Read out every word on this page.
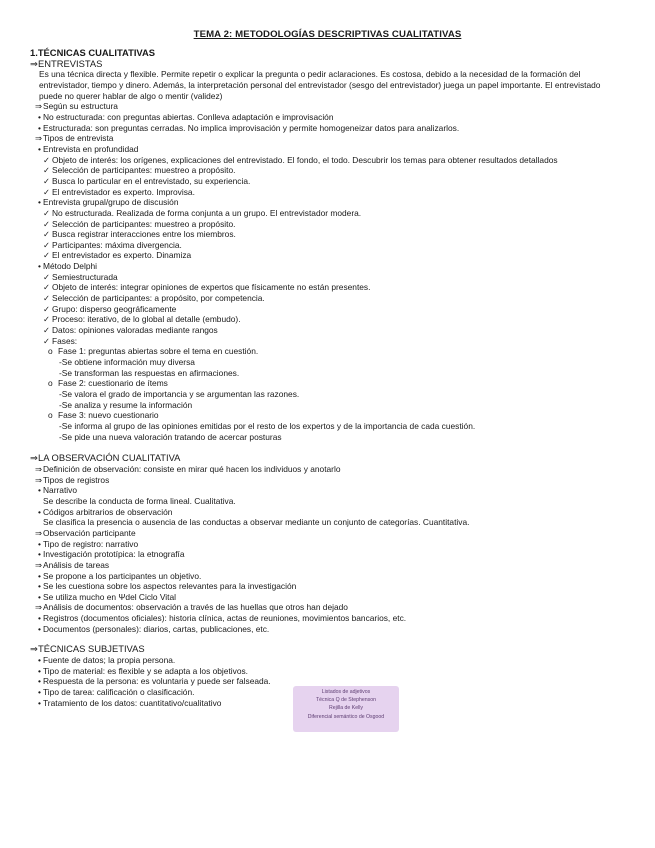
TEMA 2: METODOLOGÍAS DESCRIPTIVAS CUALITATIVAS
1.TÉCNICAS CUALITATIVAS
⇒ENTREVISTAS
Es una técnica directa y flexible. Permite repetir o explicar la pregunta o pedir aclaraciones. Es costosa, debido a la necesidad de la formación del
entrevistador, tiempo y dinero. Además, la interpretación personal del entrevistador (sesgo del entrevistador) juega un papel importante. El entrevistado
puede no querer hablar de algo o mentir (validez)
⇒Según su estructura
• No estructurada: con preguntas abiertas. Conlleva adaptación e improvisación
• Estructurada: son preguntas cerradas. No implica improvisación y permite homogeneizar datos para analizarlos.
⇒Tipos de entrevista
• Entrevista en profundidad
✓ Objeto de interés: los orígenes, explicaciones del entrevistado. El fondo, el todo. Descubrir los temas para obtener resultados detallados
✓ Selección de participantes: muestreo a propósito.
✓ Busca lo particular en el entrevistado, su experiencia.
✓ El entrevistador es experto. Improvisa.
• Entrevista grupal/grupo de discusión
✓ No estructurada. Realizada de forma conjunta a un grupo. El entrevistador modera.
✓ Selección de participantes: muestreo a propósito.
✓ Busca registrar interacciones entre los miembros.
✓ Participantes: máxima divergencia.
✓ El entrevistador es experto. Dinamiza
• Método Delphi
✓ Semiestructurada
✓ Objeto de interés: integrar opiniones de expertos que físicamente no están presentes.
✓ Selección de participantes: a propósito, por competencia.
✓ Grupo: disperso geográficamente
✓ Proceso: iterativo, de lo global al detalle (embudo).
✓ Datos: opiniones valoradas mediante rangos
✓ Fases:
o Fase 1: preguntas abiertas sobre el tema en cuestión.
-Se obtiene información muy diversa
-Se transforman las respuestas en afirmaciones.
o Fase 2: cuestionario de ítems
-Se valora el grado de importancia y se argumentan las razones.
-Se analiza y resume la información
o Fase 3: nuevo cuestionario
-Se informa al grupo de las opiniones emitidas por el resto de los expertos y de la importancia de cada cuestión.
-Se pide una nueva valoración tratando de acercar posturas
⇒LA OBSERVACIÓN CUALITATIVA
⇒Definición de observación: consiste en mirar qué hacen los individuos y anotarlo
⇒Tipos de registros
• Narrativo
Se describe la conducta de forma lineal. Cualitativa.
• Códigos arbitrarios de observación
Se clasifica la presencia o ausencia de las conductas a observar mediante un conjunto de categorías. Cuantitativa.
⇒Observación participante
• Tipo de registro: narrativo
• Investigación prototípica: la etnografía
⇒Análisis de tareas
• Se propone a los participantes un objetivo.
• Se les cuestiona sobre los aspectos relevantes para la investigación
• Se utiliza mucho en Ψdel Ciclo Vital
⇒Análisis de documentos: observación a través de las huellas que otros han dejado
• Registros (documentos oficiales): historia clínica, actas de reuniones, movimientos bancarios, etc.
• Documentos (personales): diarios, cartas, publicaciones, etc.
⇒TÉCNICAS SUBJETIVAS
• Fuente de datos; la propia persona.
• Tipo de material: es flexible y se adapta a los objetivos.
• Respuesta de la persona: es voluntaria y puede ser falseada.
• Tipo de tarea: calificación o clasificación.
• Tratamiento de los datos: cuantitativo/cualitativo
Listados de adjetivos
Técnica Q de Stephenson
Rejilla de Kelly
Diferencial semántico de Osgood
